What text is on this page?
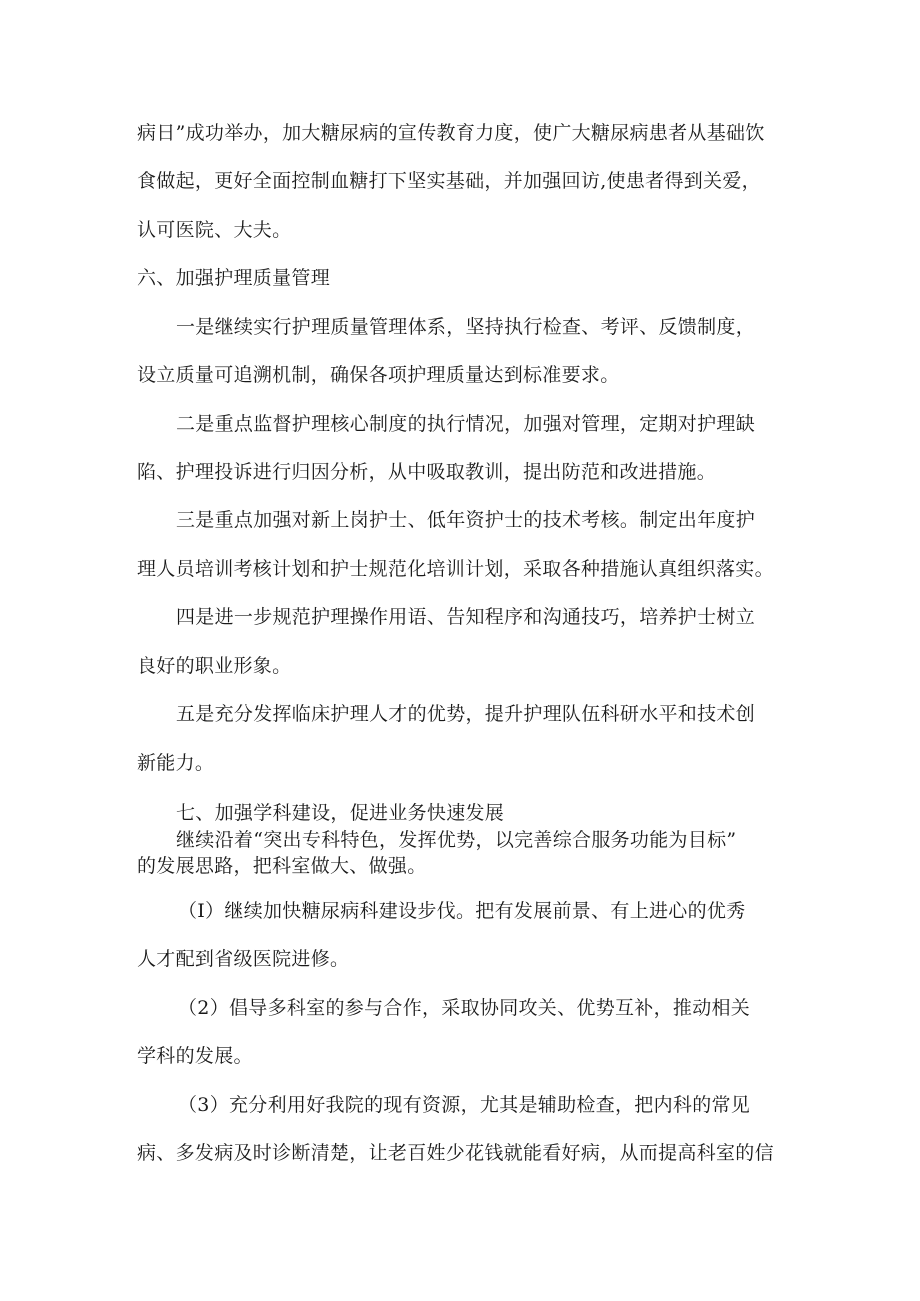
病日”成功举办，加大糖尿病的宣传教育力度，使广大糖尿病患者从基础饮
食做起，更好全面控制血糖打下坚实基础，并加强回访,使患者得到关爱，
认可医院、大夫。
六、加强护理质量管理
一是继续实行护理质量管理体系，坚持执行检查、考评、反馈制度，
设立质量可追溯机制，确保各项护理质量达到标准要求。
二是重点监督护理核心制度的执行情况，加强对管理，定期对护理缺
陷、护理投诉进行归因分析，从中吸取教训，提出防范和改进措施。
三是重点加强对新上岗护士、低年资护士的技术考核。制定出年度护
理人员培训考核计划和护士规范化培训计划，采取各种措施认真组织落实。
四是进一步规范护理操作用语、告知程序和沟通技巧，培养护士树立
良好的职业形象。
五是充分发挥临床护理人才的优势，提升护理队伍科研水平和技术创
新能力。
七、加强学科建设，促进业务快速发展
继续沿着“突出专科特色，发挥优势，以完善综合服务功能为目标”
的发展思路，把科室做大、做强。
（I）继续加快糖尿病科建设步伐。把有发展前景、有上进心的优秀
人才配到省级医院进修。
（2）倡导多科室的参与合作，采取协同攻关、优势互补，推动相关
学科的发展。
（3）充分利用好我院的现有资源，尤其是辅助检查，把内科的常见
病、多发病及时诊断清楚，让老百姓少花钱就能看好病，从而提高科室的信
